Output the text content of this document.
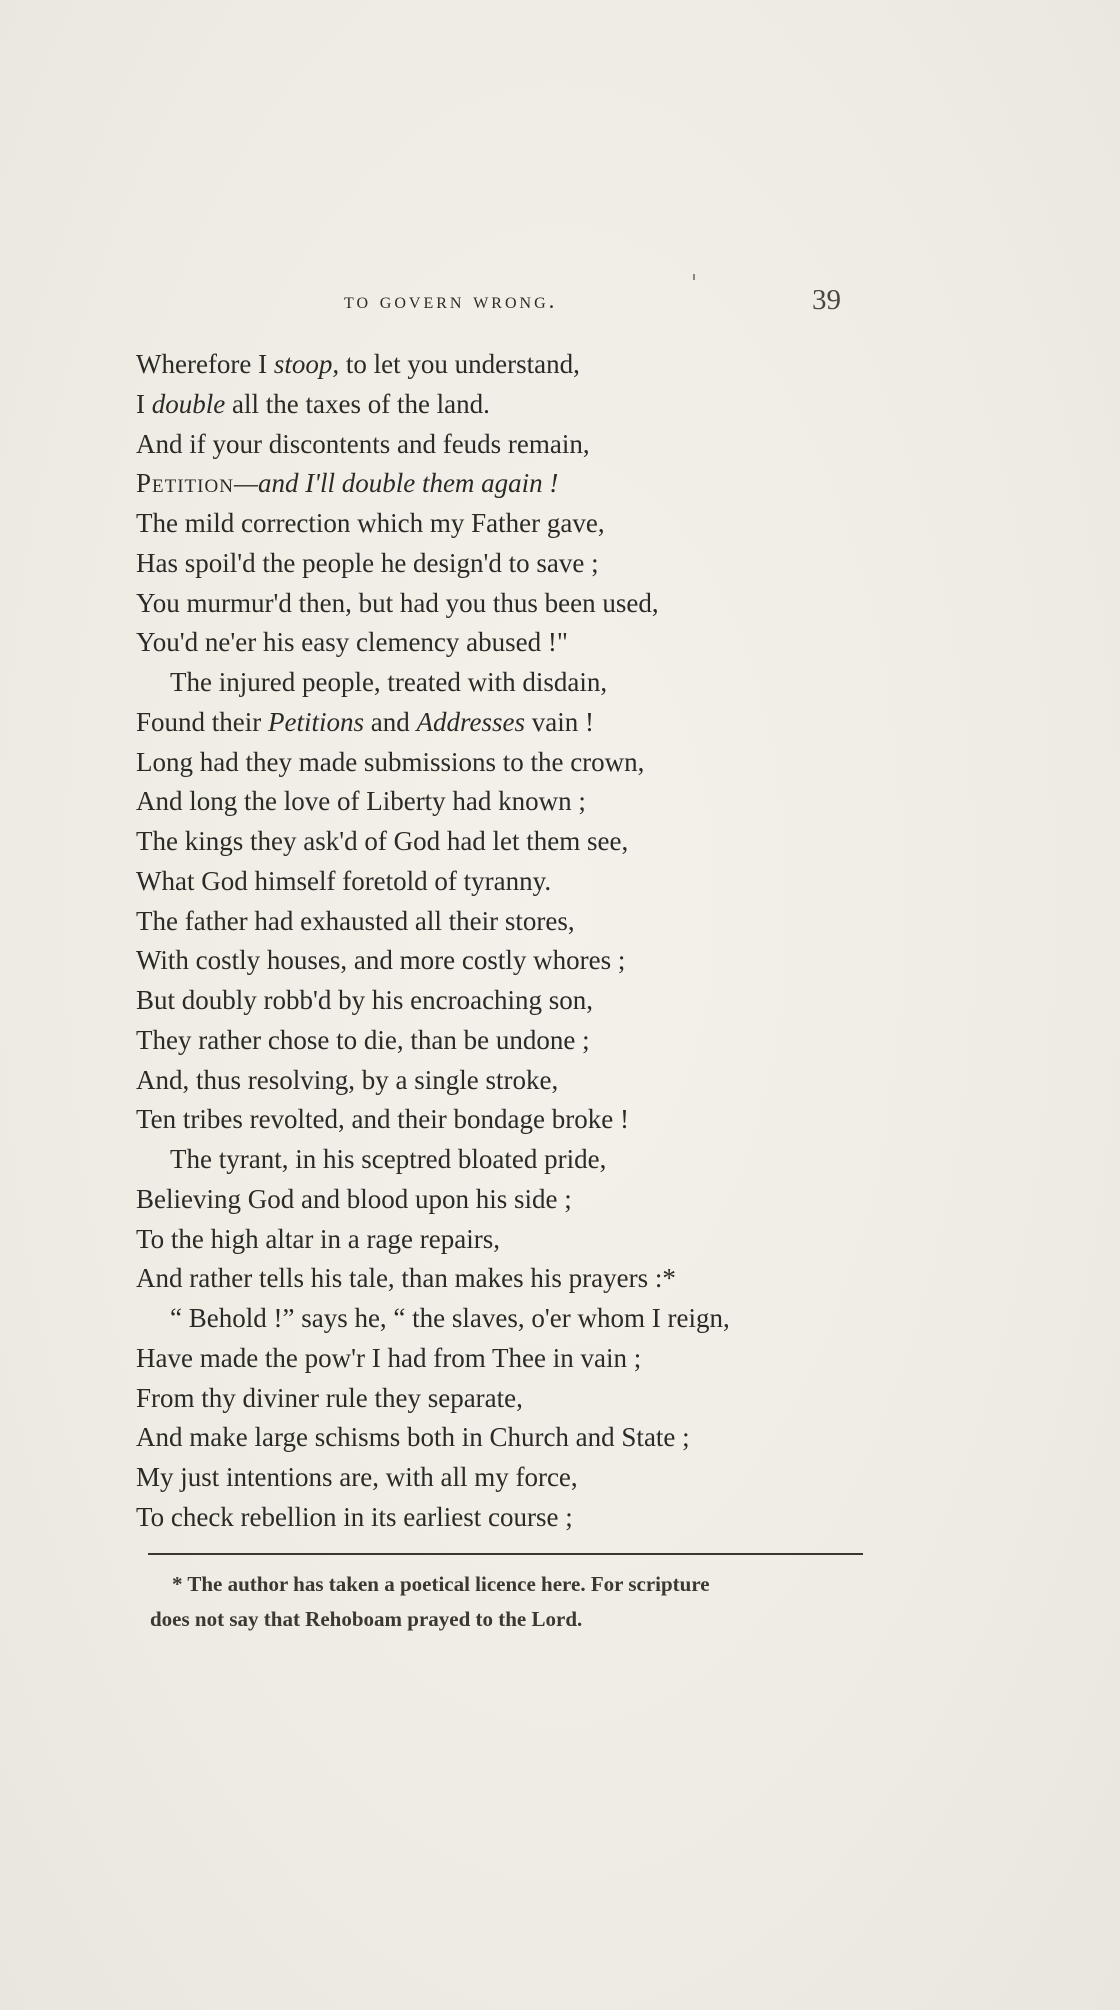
to govern wrong.	39
Wherefore I stoop, to let you understand,
I double all the taxes of the land.
And if your discontents and feuds remain,
Petition—and I'll double them again !
The mild correction which my Father gave,
Has spoil'd the people he design'd to save ;
You murmur'd then, but had you thus been used,
You'd ne'er his easy clemency abused !"
The injured people, treated with disdain,
Found their Petitions and Addresses vain !
Long had they made submissions to the crown,
And long the love of Liberty had known ;
The kings they ask'd of God had let them see,
What God himself foretold of tyranny.
The father had exhausted all their stores,
With costly houses, and more costly whores ;
But doubly robb'd by his encroaching son,
They rather chose to die, than be undone ;
And, thus resolving, by a single stroke,
Ten tribes revolted, and their bondage broke !
The tyrant, in his sceptred bloated pride,
Believing God and blood upon his side ;
To the high altar in a rage repairs,
And rather tells his tale, than makes his prayers :*
“ Behold !” says he, “ the slaves, o'er whom I reign,
Have made the pow'r I had from Thee in vain ;
From thy diviner rule they separate,
And make large schisms both in Church and State ;
My just intentions are, with all my force,
To check rebellion in its earliest course ;
* The author has taken a poetical licence here. For scripture
does not say that Rehoboam prayed to the Lord.
